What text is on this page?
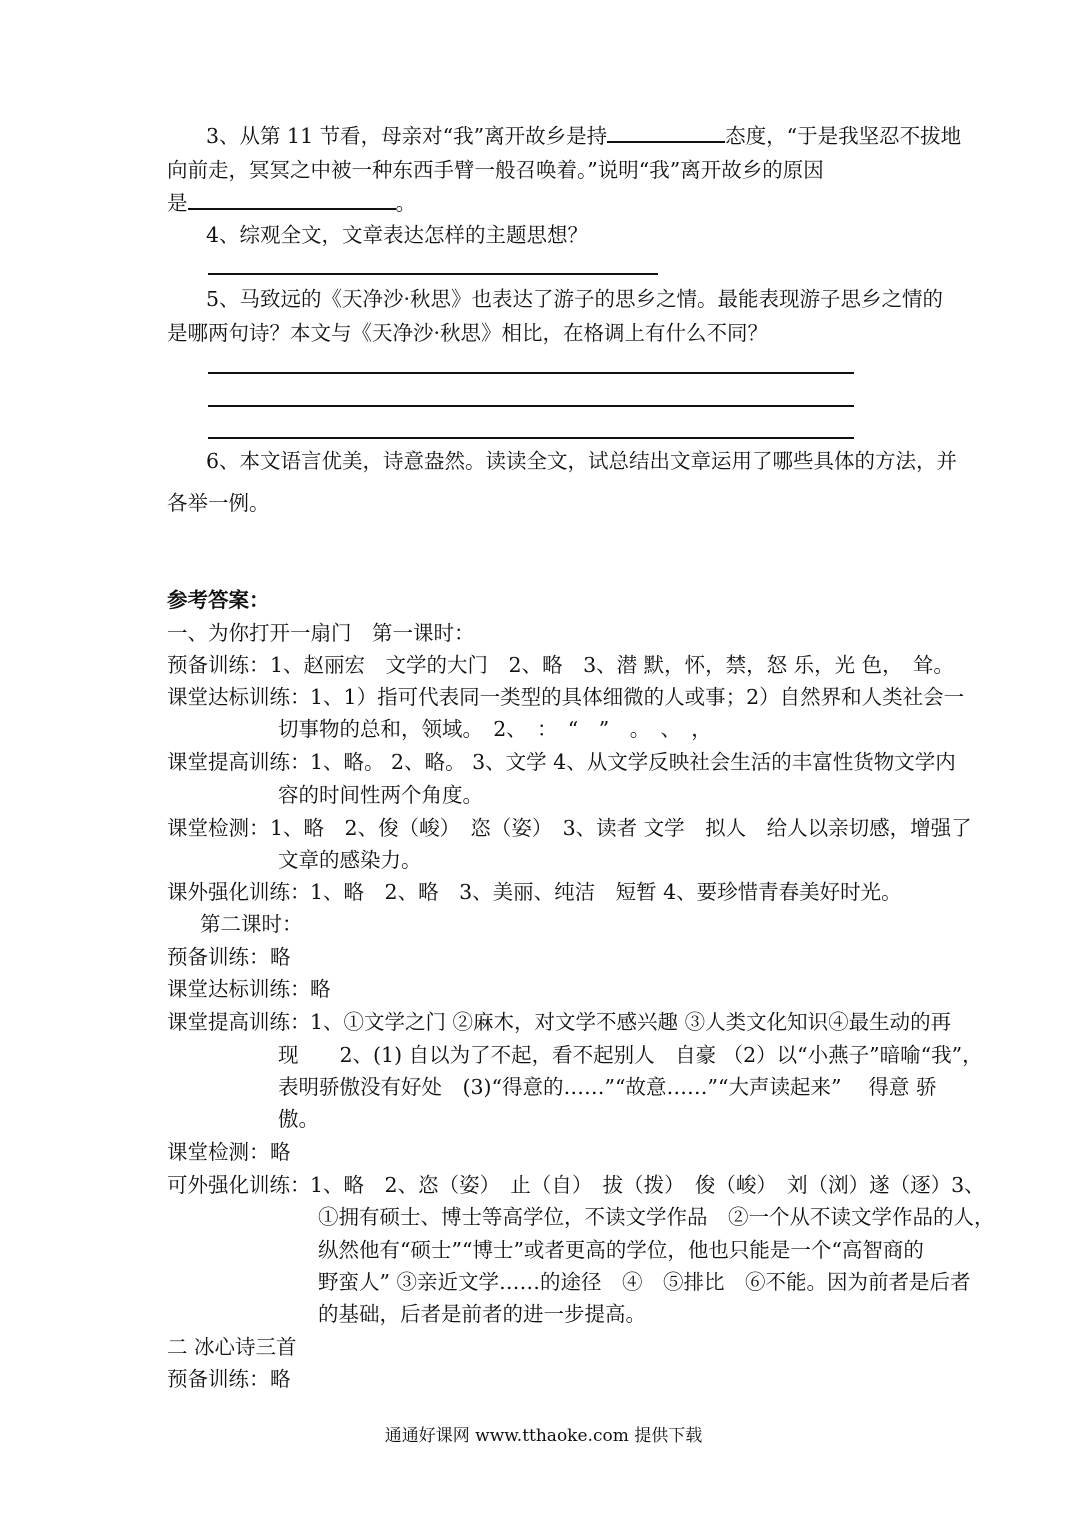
3、从第 11 节看，母亲对“我”离开故乡是持	态度，“于是我坚忍不拔地
向前走，冥冥之中被一种东西手臂一般召唤着。”说明“我”离开故乡的原因
是	。
4、综观全文，文章表达怎样的主题思想？
5、马致远的《天净沙·秋思》也表达了游子的思乡之情。最能表现游子思乡之情的
是哪两句诗？本文与《天净沙·秋思》相比，在格调上有什么不同？
6、本文语言优美，诗意盎然。读读全文，试总结出文章运用了哪些具体的方法，并
各举一例。
参考答案：
一、为你打开一扇门　第一课时：
预备训练： 1、赵丽宏　文学的大门　2、略　3、潜 默，怀，禁，怒 乐，光 色，　耸。
课堂达标训练： 1、1）指可代表同一类型的具体细微的人或事；2）自然界和人类社会一
切事物的总和，领域。　2、　：　“　”　。　、　，
课堂提高训练： 1、略。 2、略。 3、文学 4、从文学反映社会生活的丰富性货物文学内
容的时间性两个角度。
课堂检测： 1、略　2、俊（峻）　恣（姿）　3、读者 文学　拟人　给人以亲切感，增强了
文章的感染力。
课外强化训练： 1、略　2、略　3、美丽、纯洁　短暂 4、要珍惜青春美好时光。
第二课时：
预备训练： 略
课堂达标训练： 略
课堂提高训练： 1、①文学之门 ②麻木，对文学不感兴趣 ③人类文化知识④最生动的再
现　　2、(1) 自以为了不起，看不起别人　自豪 （2）以“小燕子”暗喻“我”，
表明骄傲没有好处　(3)“得意的……”“故意……”“大声读起来”　 得意 骄
傲。
课堂检测： 略
可外强化训练： 1、略　2、恣（姿）　止（自）　拔（拨）　俊（峻）　刘（浏）遂（逐）3、
①拥有硕士、博士等高学位，不读文学作品　②一个从不读文学作品的人，
纵然他有“硕士”“博士”或者更高的学位，他也只能是一个“高智商的
野蛮人” ③亲近文学……的途径　④　⑤排比　⑥不能。因为前者是后者
的基础，后者是前者的进一步提高。
二 冰心诗三首
预备训练： 略
通通好课网 www.tthaoke.com 提供下载
